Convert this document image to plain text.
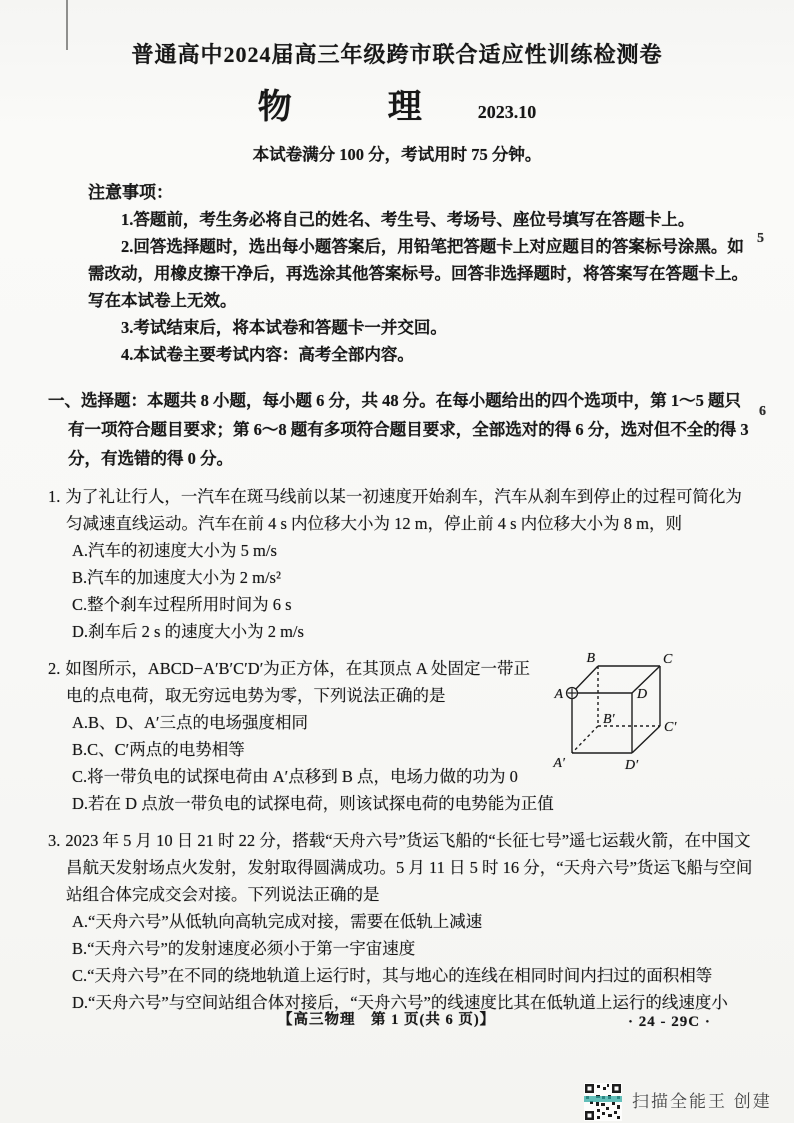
普通高中2024届高三年级跨市联合适应性训练检测卷
物	理	2023.10
本试卷满分 100 分，考试用时 75 分钟。
注意事项：
1.答题前，考生务必将自己的姓名、考生号、考场号、座位号填写在答题卡上。
2.回答选择题时，选出每小题答案后，用铅笔把答题卡上对应题目的答案标号涂黑。如需改动，用橡皮擦干净后，再选涂其他答案标号。回答非选择题时，将答案写在答题卡上。写在本试卷上无效。
3.考试结束后，将本试卷和答题卡一并交回。
4.本试卷主要考试内容：高考全部内容。
一、选择题：本题共 8 小题，每小题 6 分，共 48 分。在每小题给出的四个选项中，第 1～5 题只有一项符合题目要求；第 6～8 题有多项符合题目要求，全部选对的得 6 分，选对但不全的得 3 分，有选错的得 0 分。
1. 为了礼让行人，一汽车在斑马线前以某一初速度开始刹车，汽车从刹车到停止的过程可简化为匀减速直线运动。汽车在前 4 s 内位移大小为 12 m，停止前 4 s 内位移大小为 8 m，则
A.汽车的初速度大小为 5 m/s
B.汽车的加速度大小为 2 m/s²
C.整个刹车过程所用时间为 6 s
D.刹车后 2 s 的速度大小为 2 m/s
A
B	C
D
B′
C′
A′	D′
2. 如图所示，ABCD−A′B′C′D′为正方体，在其顶点 A 处固定一带正电的点电荷，取无穷远电势为零，下列说法正确的是
A.B、D、A′三点的电场强度相同
B.C、C′两点的电势相等
C.将一带负电的试探电荷由 A′点移到 B 点，电场力做的功为 0
D.若在 D 点放一带负电的试探电荷，则该试探电荷的电势能为正值
3. 2023 年 5 月 10 日 21 时 22 分，搭载“天舟六号”货运飞船的“长征七号”遥七运载火箭，在中国文昌航天发射场点火发射，发射取得圆满成功。5 月 11 日 5 时 16 分，“天舟六号”货运飞船与空间站组合体完成交会对接。下列说法正确的是
A.“天舟六号”从低轨向高轨完成对接，需要在低轨上减速
B.“天舟六号”的发射速度必须小于第一宇宙速度
C.“天舟六号”在不同的绕地轨道上运行时，其与地心的连线在相同时间内扫过的面积相等
D.“天舟六号”与空间站组合体对接后，“天舟六号”的线速度比其在低轨道上运行的线速度小
【高三物理　第 1 页(共 6 页)】	· 24 - 29C ·
扫描全能王 创建
5
6
